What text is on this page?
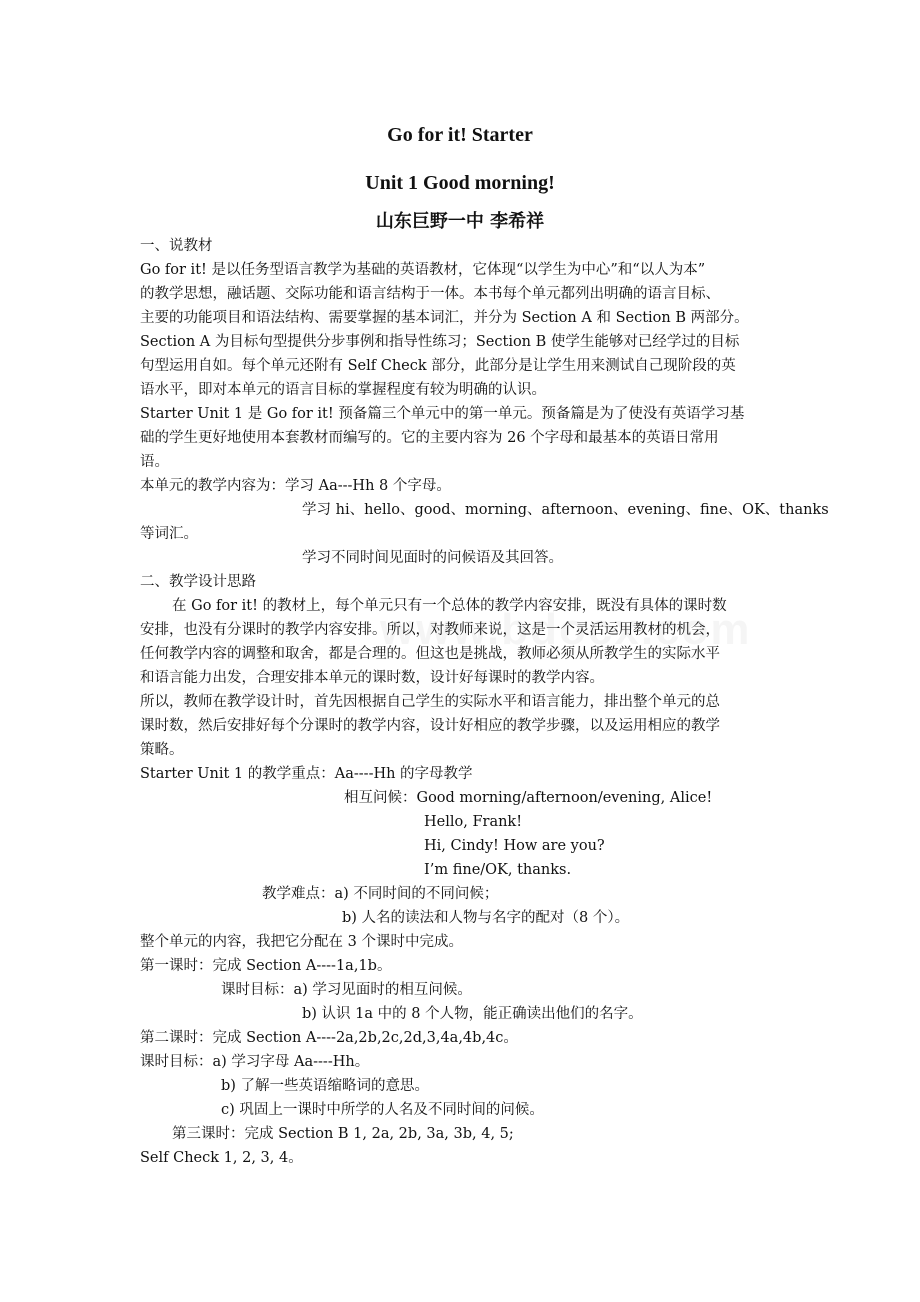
Go for it! Starter
Unit 1 Good morning!
山东巨野一中 李希祥
一、说教材
Go for it! 是以任务型语言教学为基础的英语教材，它体现“以学生为中心”和“以人为本”
的教学思想，融话题、交际功能和语言结构于一体。本书每个单元都列出明确的语言目标、
主要的功能项目和语法结构、需要掌握的基本词汇，并分为 Section A 和 Section B 两部分。
Section A 为目标句型提供分步事例和指导性练习；Section B 使学生能够对已经学过的目标
句型运用自如。每个单元还附有 Self Check 部分，此部分是让学生用来测试自己现阶段的英
语水平，即对本单元的语言目标的掌握程度有较为明确的认识。
Starter Unit 1 是 Go for it! 预备篇三个单元中的第一单元。预备篇是为了使没有英语学习基
础的学生更好地使用本套教材而编写的。它的主要内容为 26 个字母和最基本的英语日常用
语。
本单元的教学内容为：学习 Aa---Hh 8 个字母。
学习 hi、hello、good、morning、afternoon、evening、fine、OK、thanks
等词汇。
学习不同时间见面时的问候语及其回答。
二、教学设计思路
在 Go for it! 的教材上，每个单元只有一个总体的教学内容安排，既没有具体的课时数
安排，也没有分课时的教学内容安排。所以，对教师来说，这是一个灵活运用教材的机会，
任何教学内容的调整和取舍，都是合理的。但这也是挑战，教师必须从所教学生的实际水平
和语言能力出发，合理安排本单元的课时数，设计好每课时的教学内容。
所以，教师在教学设计时，首先因根据自己学生的实际水平和语言能力，排出整个单元的总
课时数，然后安排好每个分课时的教学内容，设计好相应的教学步骤，以及运用相应的教学
策略。
Starter Unit 1 的教学重点：Aa----Hh 的字母教学
相互问候：Good morning/afternoon/evening, Alice!
Hello, Frank!
Hi, Cindy! How are you?
I’m fine/OK, thanks.
教学难点：a) 不同时间的不同问候；
b) 人名的读法和人物与名字的配对（8 个）。
整个单元的内容，我把它分配在 3 个课时中完成。
第一课时：完成 Section A----1a,1b。
课时目标：a) 学习见面时的相互问候。
b) 认识 1a 中的 8 个人物，能正确读出他们的名字。
第二课时：完成 Section A----2a,2b,2c,2d,3,4a,4b,4c。
课时目标：a) 学习字母 Aa----Hh。
b) 了解一些英语缩略词的意思。
c) 巩固上一课时中所学的人名及不同时间的问候。
第三课时：完成 Section B 1, 2a, 2b, 3a, 3b, 4, 5;
Self Check 1, 2, 3, 4。
